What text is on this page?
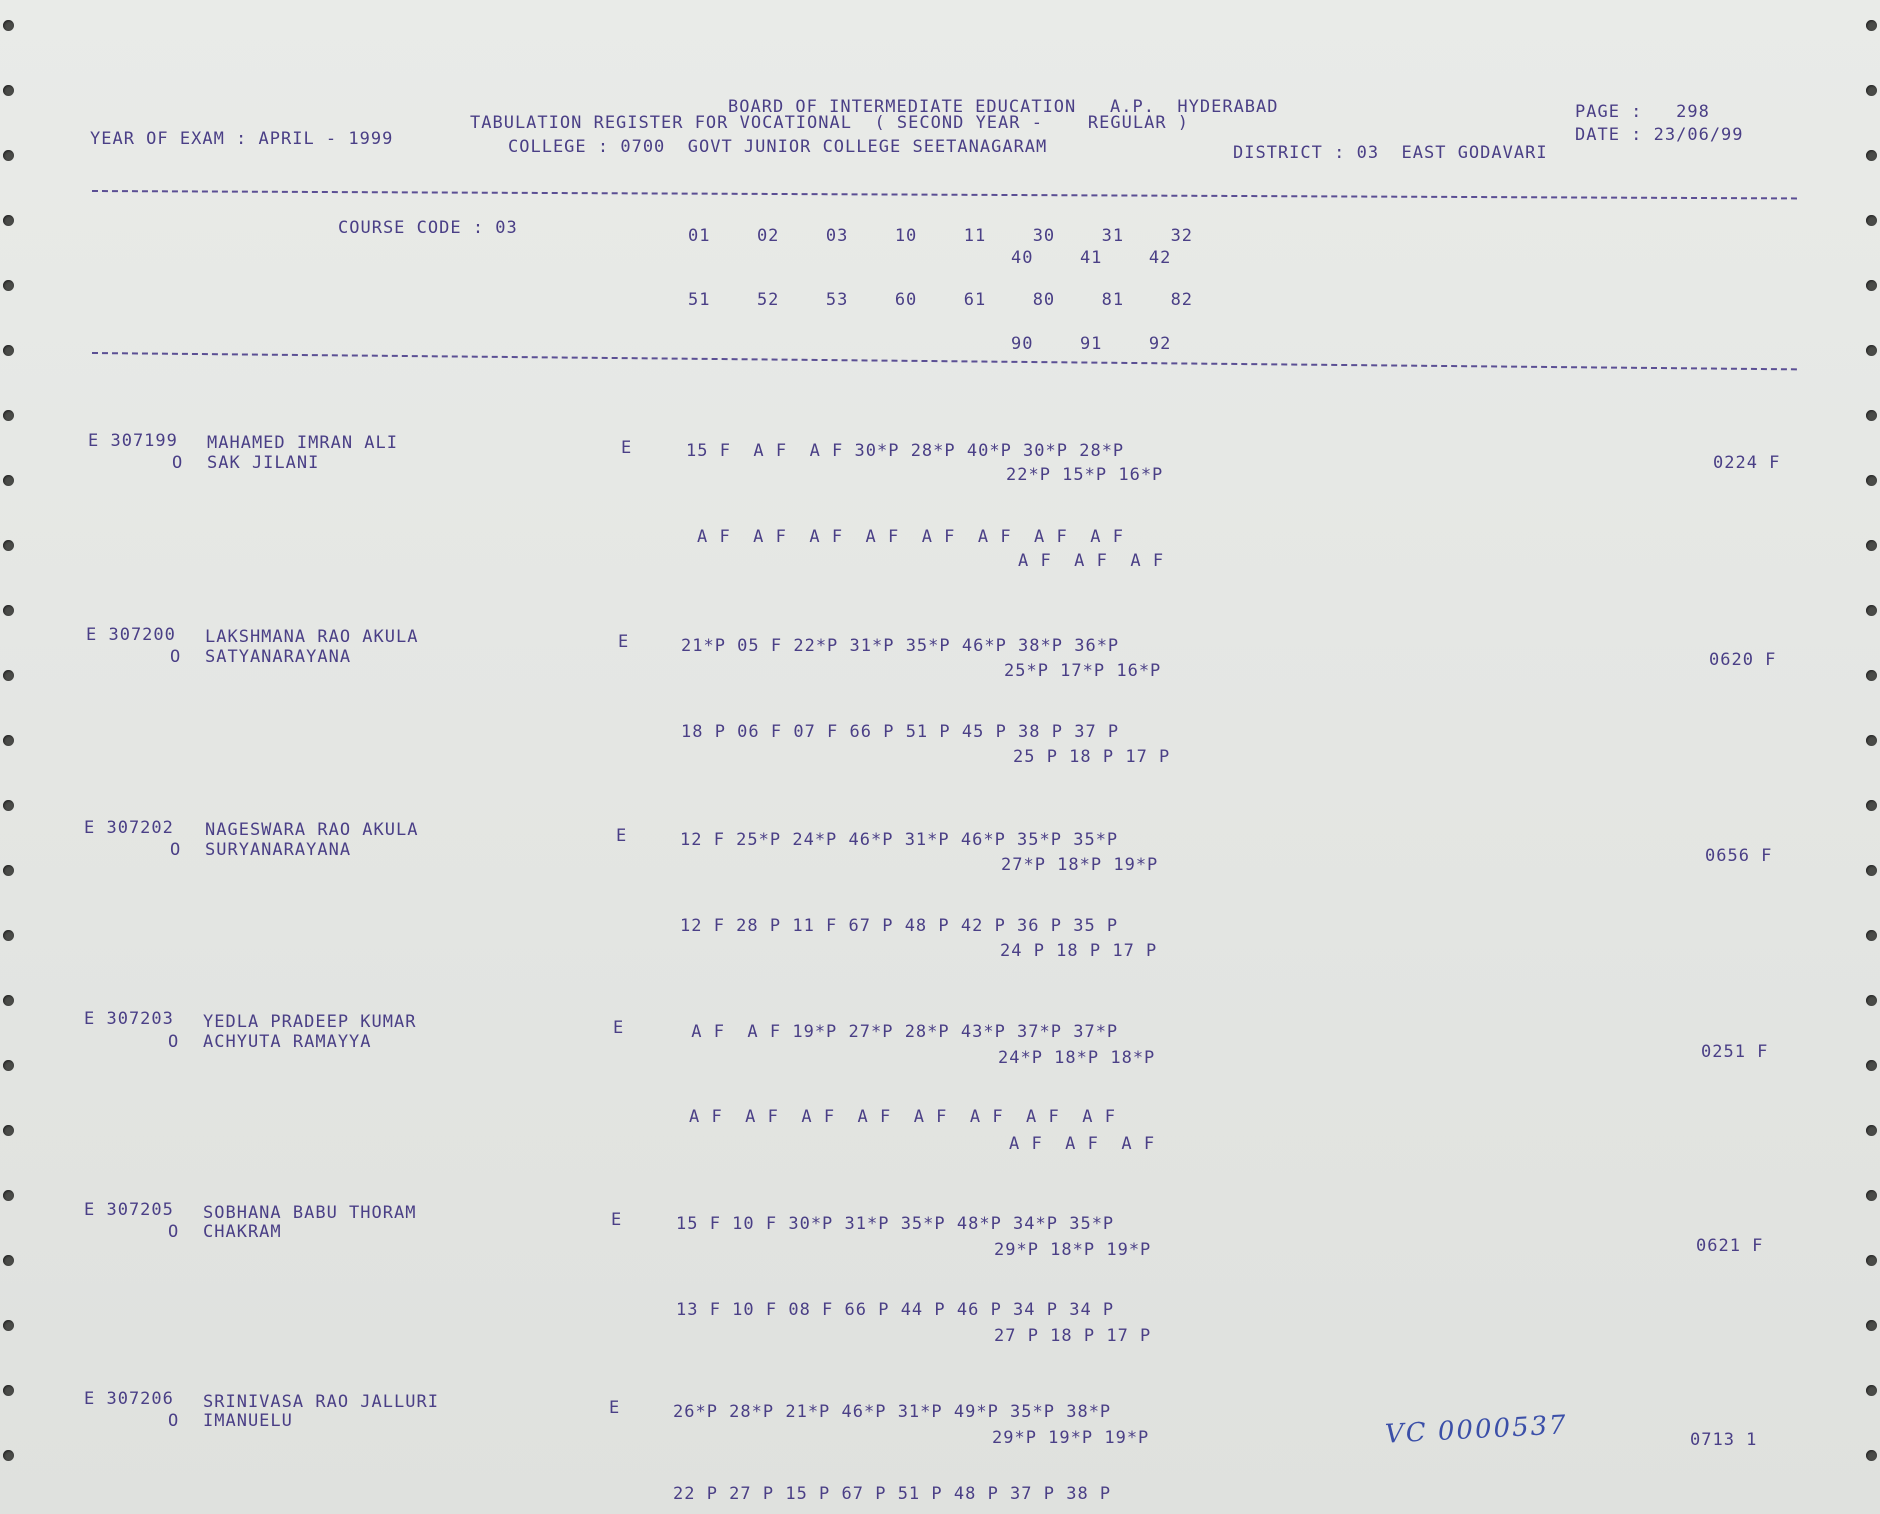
BOARD OF INTERMEDIATE EDUCATION   A.P.  HYDERABAD
TABULATION REGISTER FOR VOCATIONAL  ( SECOND YEAR -    REGULAR )
COLLEGE : 0700  GOVT JUNIOR COLLEGE SEETANAGARAM	DISTRICT : 03  EAST GODAVARI
YEAR OF EXAM : APRIL - 1999
PAGE :   298
DATE : 23/06/99
COURSE CODE : 03	01  02  03  10  11  30  31  32
40  41  42
51  52  53  60  61  80  81  82
90  91  92
E 307199 MAHAMED IMRAN ALI
O SAK JILANI
E	15 F  A F  A F 30*P 28*P 40*P 30*P 28*P
22*P 15*P 16*P
A F  A F  A F  A F  A F  A F  A F  A F
A F  A F  A F
0224 F
E 307200 LAKSHMANA RAO AKULA
O SATYANARAYANA
E	21*P 05 F 22*P 31*P 35*P 46*P 38*P 36*P
25*P 17*P 16*P
18 P 06 F 07 F 66 P 51 P 45 P 38 P 37 P
25 P 18 P 17 P
0620 F
E 307202 NAGESWARA RAO AKULA
O SURYANARAYANA
E	12 F 25*P 24*P 46*P 31*P 46*P 35*P 35*P
27*P 18*P 19*P
12 F 28 P 11 F 67 P 48 P 42 P 36 P 35 P
24 P 18 P 17 P
0656 F
E 307203 YEDLA PRADEEP KUMAR
O ACHYUTA RAMAYYA
E	A F  A F 19*P 27*P 28*P 43*P 37*P 37*P
24*P 18*P 18*P
A F  A F  A F  A F  A F  A F  A F  A F
A F  A F  A F
0251 F
E 307205 SOBHANA BABU THORAM
O CHAKRAM
E	15 F 10 F 30*P 31*P 35*P 48*P 34*P 35*P
29*P 18*P 19*P
13 F 10 F 08 F 66 P 44 P 46 P 34 P 34 P
27 P 18 P 17 P
0621 F
E 307206 SRINIVASA RAO JALLURI
O IMANUELU
E	26*P 28*P 21*P 46*P 31*P 49*P 35*P 38*P
29*P 19*P 19*P
22 P 27 P 15 P 67 P 51 P 48 P 37 P 38 P
0713 1
VC 0000537
